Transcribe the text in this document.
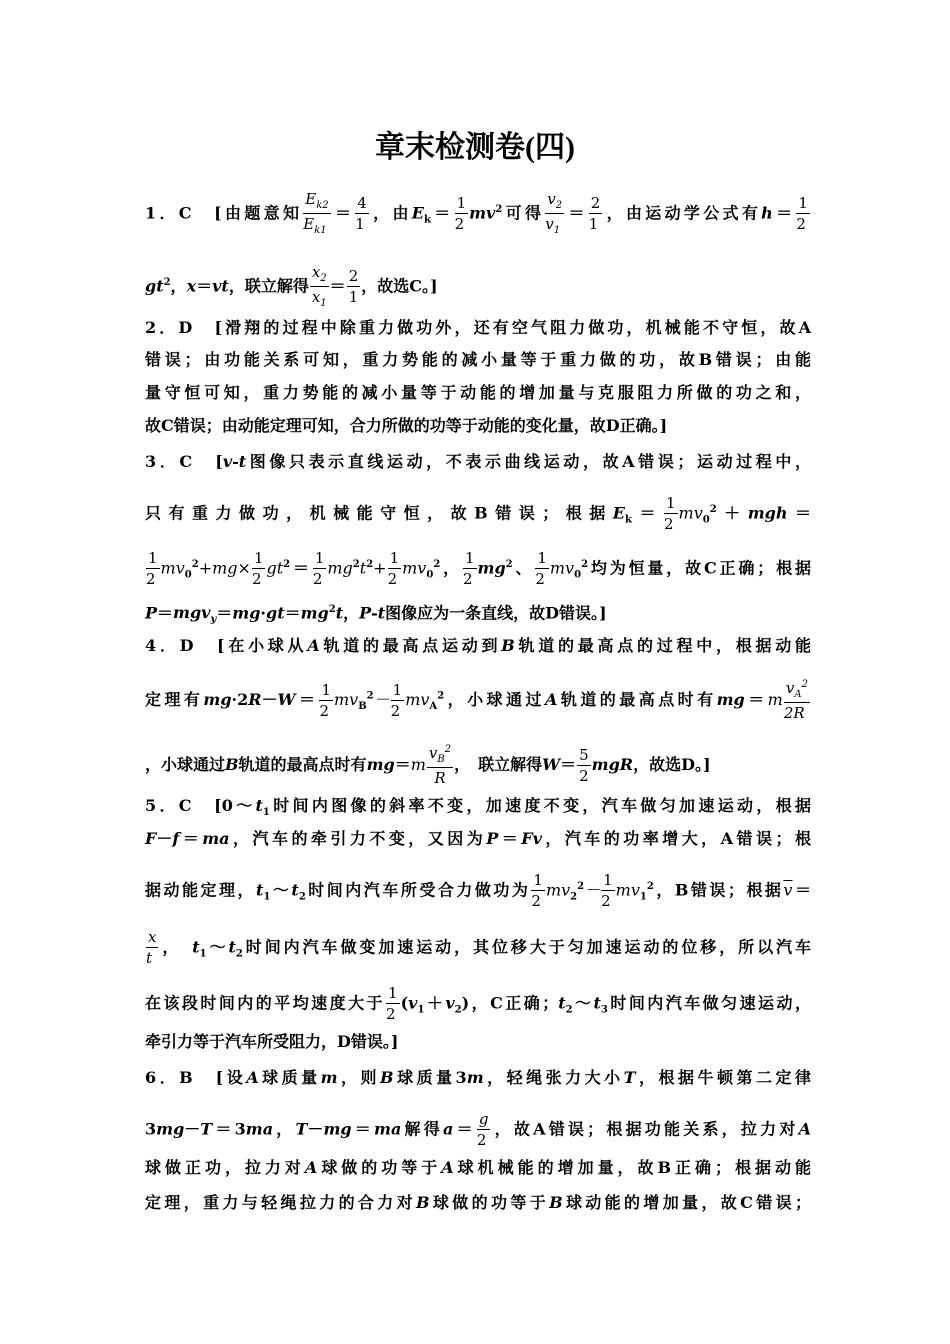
章末检测卷(四)
1．C　[由题意知 $\frac{E_{k2}}{E_{k1}} = \frac{4}{1}$ ，由$E_k= \frac{1}{2} mv^2$可得 $\frac{v_2}{v_1} = \frac{2}{1}$ ，由运动学公式有$h= \frac{1}{2}$
$gt^2$，x＝vt，联立解得 $\frac{x_2}{x_1} = \frac{2}{1}$ ，故选C。]
2．D　[滑翔的过程中除重力做功外，还有空气阻力做功，机械能不守恒，故A
错误；由功能关系可知，重力势能的减小量等于重力做的功，故B错误；由能
量守恒可知，重力势能的减小量等于动能的增加量与克服阻力所做的功之和，
故C错误；由动能定理可知，合力所做的功等于动能的变化量，故D正确。]
3．C　[v-t图像只表示直线运动，不表示曲线运动，故A错误；运动过程中，
只有重力做功，机械能守恒，故B错误；根据$E_k= \frac{1}{2} mv_0^2+mgh=$
$\frac{1}{2} mv_0^2+mg\times \frac{1}{2} gt^2= \frac{1}{2} mg^2t^2+ \frac{1}{2} mv_0^2$， $\frac{1}{2} mg^2$、 $\frac{1}{2} mv_0^2$均为恒量，故C正确；根据
$P=mgv_y=mg\cdot gt=mg^2t$，P-t图像应为一条直线，故D错误。]
4．D　[在小球从A轨道的最高点运动到B轨道的最高点的过程中，根据动能
定理有$mg\cdot 2R-W= \frac{1}{2} mv_B^2- \frac{1}{2} mv_A^2$，小球通过A轨道的最高点时有$mg=m \frac{v_A^2}{2R}$
，小球通过B轨道的最高点时有$mg=m \frac{v_B^2}{R}$ ，　联立解得$W= \frac{5}{2}$ mgR，故选D。]
5．C　[$0\sim t_1$时间内图像的斜率不变，加速度不变，汽车做匀加速运动，根据
F－f＝ma，汽车的牵引力不变，又因为P＝Fv，汽车的功率增大，A错误；根
据动能定理，$t_1\sim t_2$时间内汽车所受合力做功为 $\frac{1}{2} mv_2^2- \frac{1}{2} mv_1^2$，B错误；根据$\overline{v}=$
$\frac{x}{t}$ ，　$t_1\sim t_2$时间内汽车做变加速运动，其位移大于匀加速运动的位移，所以汽车
在该段时间内的平均速度大于 $\frac{1}{2} (v_1+v_2)$，C正确；$t_2\sim t_3$时间内汽车做匀速运动，
牵引力等于汽车所受阻力，D错误。]
6．B　[设A球质量m，则B球质量3m，轻绳张力大小T，根据牛顿第二定律
3mg－T＝3ma，T－mg＝ma解得$a= \frac{g}{2}$ ，故A错误；根据功能关系，拉力对A
球做正功，拉力对A球做的功等于A球机械能的增加量，故B正确；根据动能
定理，重力与轻绳拉力的合力对B球做的功等于B球动能的增加量，故C错误；
